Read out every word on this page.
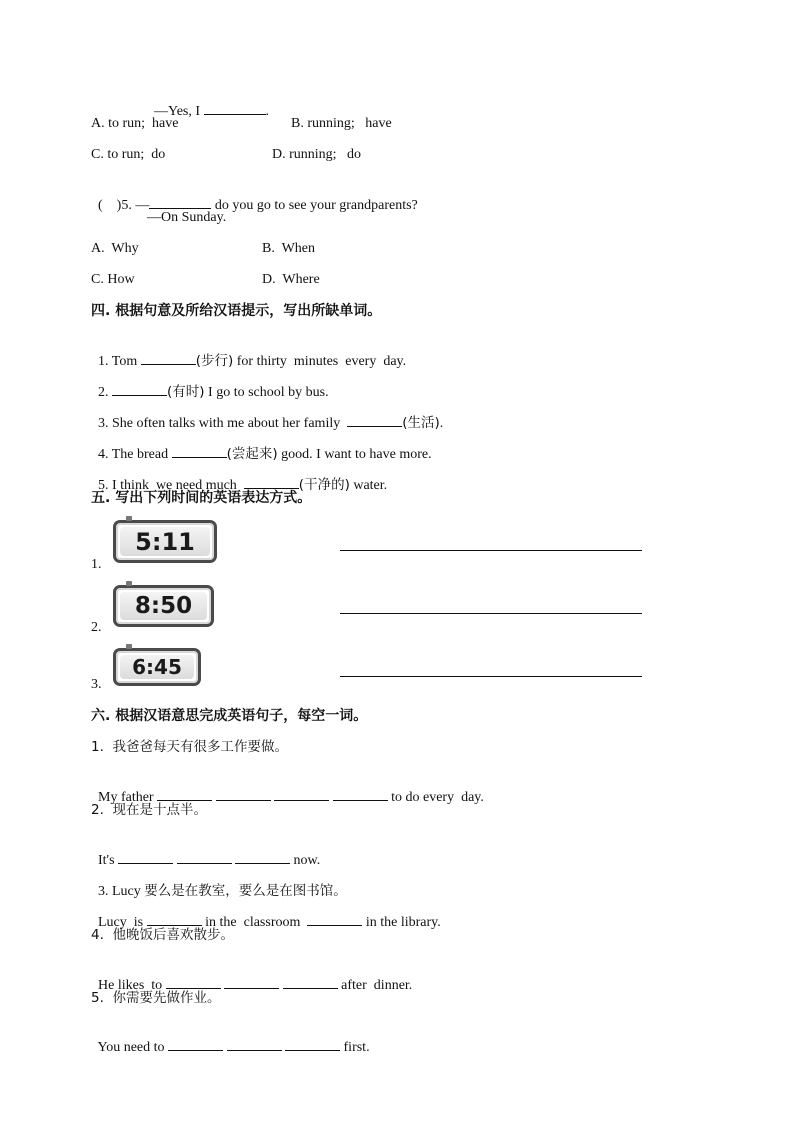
—Yes, I	.

A. to run;  have	B. running;   have
C. to run;  do	D. running;   do

(    )5. —	do you go to see your grandparents?

—On Sunday.
A.  Why	B.  When
C. How	D.  Where
四. 根据句意及所给汉语提示，写出所缺单词。

1. Tom	(步行) for thirty  minutes  every  day.

2.	(有时) I go to school by bus.

3. She often talks with me about her family	(生活).

4. The bread	(尝起来) good. I want to have more.

5. I think  we need much	(干净的) water.

五. 写出下列时间的英语表达方式。
1.
5:11
2.
8:50
3.
6:45
六. 根据汉语意思完成英语句子，每空一词。
1.  我爸爸每天有很多工作要做。

My father	to do every  day.

2.  现在是十点半。

It's	now.

3. Lucy 要么是在教室，要么是在图书馆。

Lucy  is	in the  classroom	in the library.

4.  他晚饭后喜欢散步。

He likes  to	after  dinner.

5.  你需要先做作业。

You need to	first.
